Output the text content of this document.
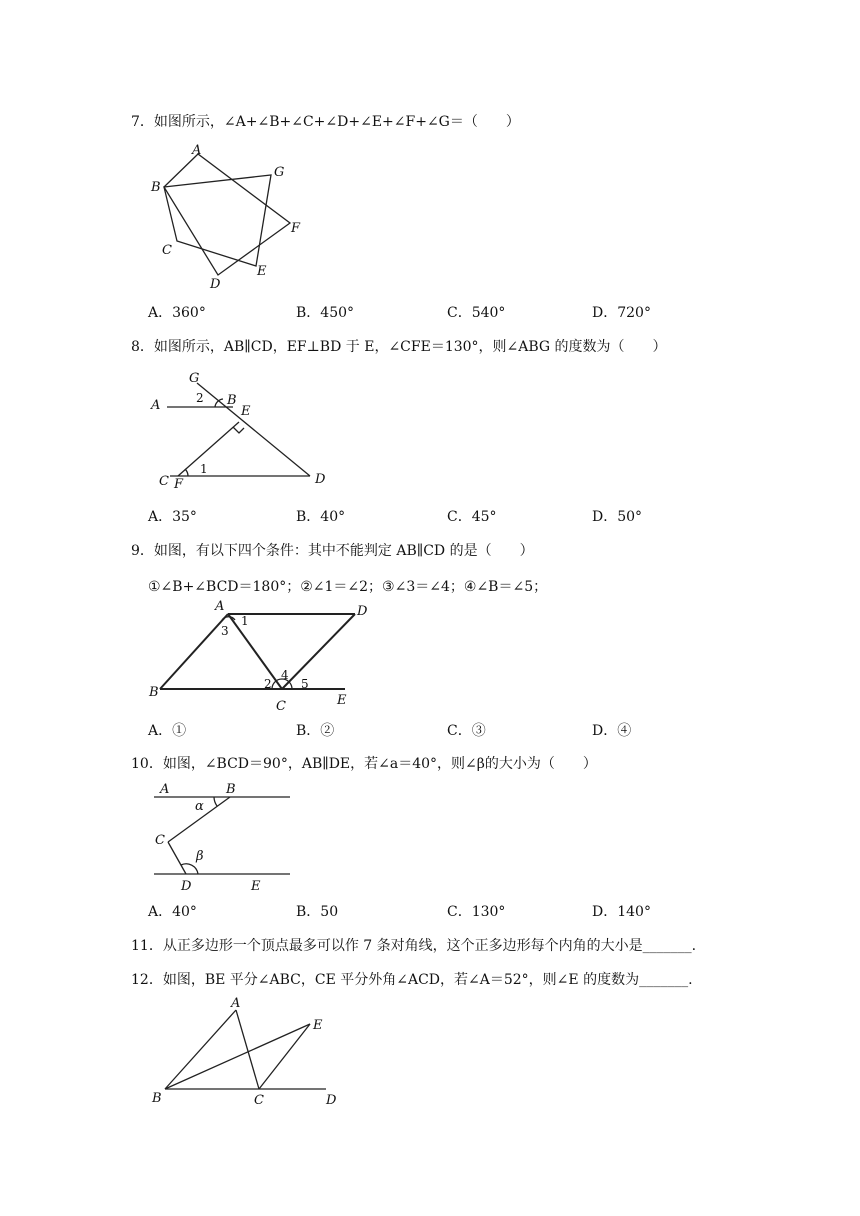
7．如图所示，∠A+∠B+∠C+∠D+∠E+∠F+∠G＝（　　）
A
B
C
D
E
F
G
A．360°	B．450°	C．540°	D．720°
8．如图所示，AB∥CD，EF⊥BD 于 E，∠CFE＝130°，则∠ABG 的度数为（　　）
G
A	2 B
E
C
1
F	D
A．35°	B．40°	C．45°	D．50°
9．如图，有以下四个条件：其中不能判定 AB∥CD 的是（　　）
①∠B+∠BCD＝180°；②∠1＝∠2；③∠3＝∠4；④∠B＝∠5；
A
1
3
D
B
2
4
5
C	E
A．①	B．②	C．③	D．④
10．如图，∠BCD＝90°，AB∥DE，若∠a＝40°，则∠β的大小为（　　）
A
α
B
C
β
D	E
A．40°	B．50	C．130°	D．140°
11．从正多边形一个顶点最多可以作 7 条对角线，这个正多边形每个内角的大小是_______.
12．如图，BE 平分∠ABC，CE 平分外角∠ACD，若∠A＝52°，则∠E 的度数为_______.
A
E
B	C	D
